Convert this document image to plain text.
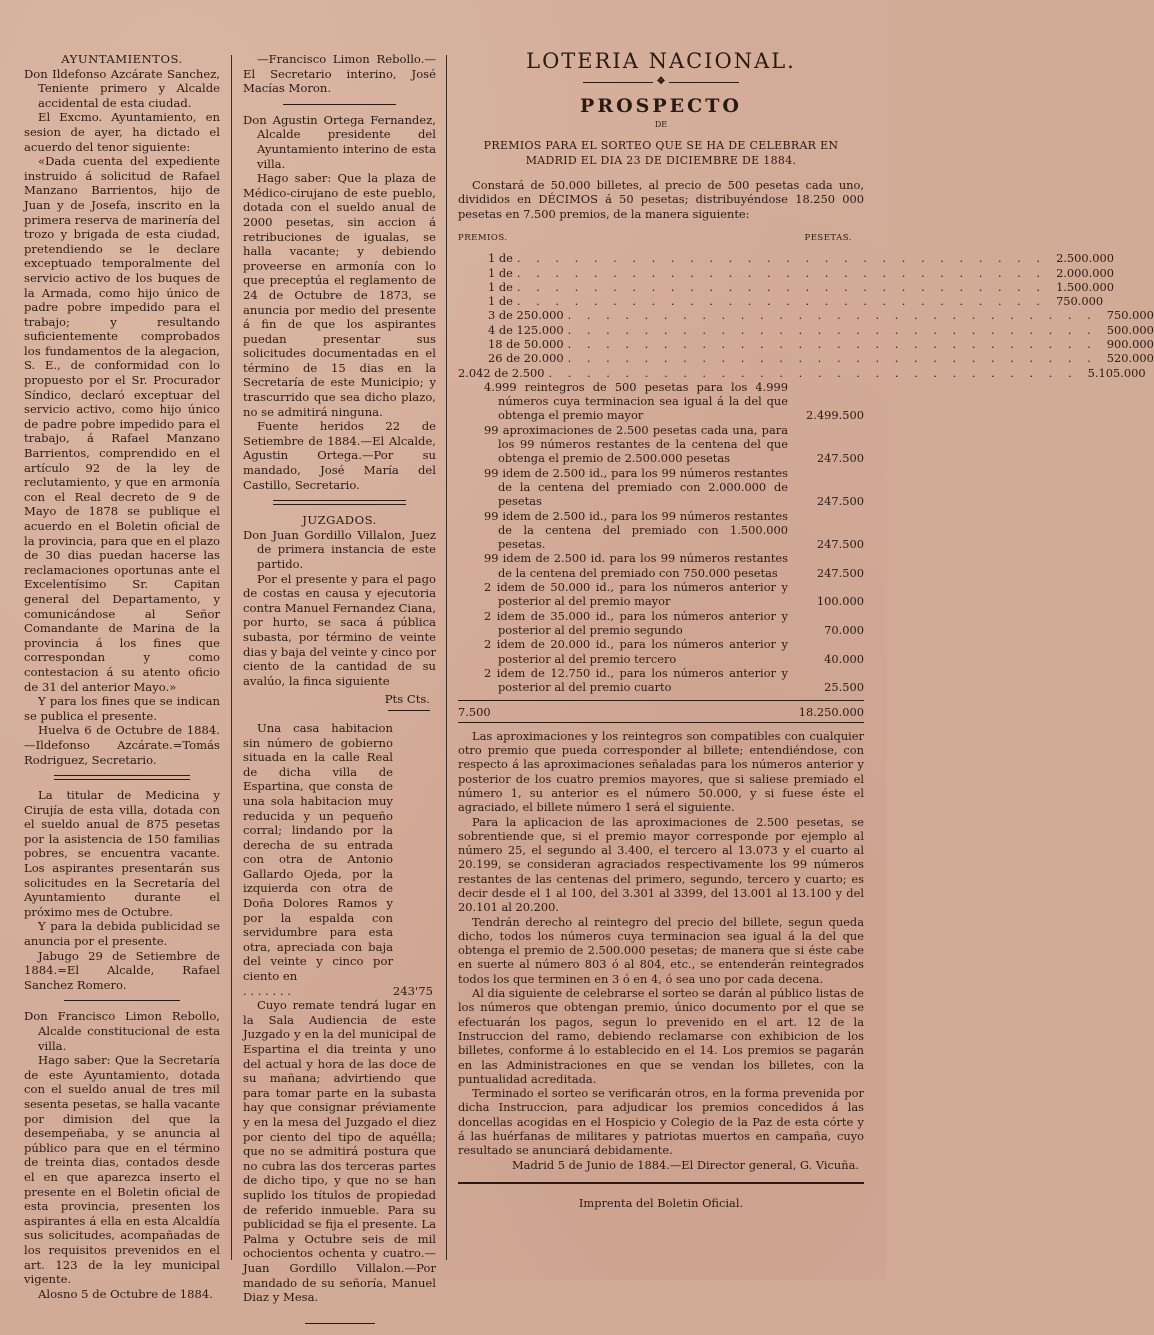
AYUNTAMIENTOS.

Don Ildefonso Azcárate Sanchez, Teniente primero y Alcalde accidental de esta ciudad.

El Excmo. Ayuntamiento, en sesion de ayer, ha dictado el acuerdo del tenor siguiente:

«Dada cuenta del expediente instruido á solicitud de Rafael Manzano Barrientos, hijo de Juan y de Josefa, inscrito en la primera reserva de marinería del trozo y brigada de esta ciudad, pretendiendo se le declare exceptuado temporalmente del servicio activo de los buques de la Armada, como hijo único de padre pobre impedido para el trabajo; y resultando suficientemente comprobados los fundamentos de la alegacion, S. E., de conformidad con lo propuesto por el Sr. Procurador Síndico, declaró exceptuar del servicio activo, como hijo único de padre pobre impedido para el trabajo, á Rafael Manzano Barrientos, comprendido en el artículo 92 de la ley de reclutamiento, y que en armonía con el Real decreto de 9 de Mayo de 1878 se publique el acuerdo en el Boletin oficial de la provincia, para que en el plazo de 30 dias puedan hacerse las reclamaciones oportunas ante el Excelentísimo Sr. Capitan general del Departamento, y comunicándose al Señor Comandante de Marina de la provincia á los fines que correspondan y como contestacion á su atento oficio de 31 del anterior Mayo.»

Y para los fines que se indican se publica el presente.

Huelva 6 de Octubre de 1884. —Ildefonso Azcárate.=Tomás Rodriguez, Secretario.

La titular de Medicina y Cirujía de esta villa, dotada con el sueldo anual de 875 pesetas por la asistencia de 150 familias pobres, se encuentra vacante. Los aspirantes presentarán sus solicitudes en la Secretaría del Ayuntamiento durante el próximo mes de Octubre.

Y para la debida publicidad se anuncia por el presente.

Jabugo 29 de Setiembre de 1884.=El Alcalde, Rafael Sanchez Romero.

Don Francisco Limon Rebollo, Alcalde constitucional de esta villa.

Hago saber: Que la Secretaría de este Ayuntamiento, dotada con el sueldo anual de tres mil sesenta pesetas, se halla vacante por dimision del que la desempeñaba, y se anuncia al público para que en el término de treinta dias, contados desde el en que aparezca inserto el presente en el Boletin oficial de esta provincia, presenten los aspirantes á ella en esta Alcaldía sus solicitudes, acompañadas de los requisitos prevenidos en el art. 123 de la ley municipal vigente.

Alosno 5 de Octubre de 1884.

—Francisco Limon Rebollo.— El Secretario interino, José Macías Moron.

Don Agustin Ortega Fernandez, Alcalde presidente del Ayuntamiento interino de esta villa.

Hago saber: Que la plaza de Médico-cirujano de este pueblo, dotada con el sueldo anual de 2000 pesetas, sin accion á retribuciones de igualas, se halla vacante; y debiendo proveerse en armonía con lo que preceptúa el reglamento de 24 de Octubre de 1873, se anuncia por medio del presente á fin de que los aspirantes puedan presentar sus solicitudes documentadas en el término de 15 dias en la Secretaría de este Municipio; y trascurrido que sea dicho plazo, no se admitirá ninguna.

Fuente heridos 22 de Setiembre de 1884.—El Alcalde, Agustin Ortega.—Por su mandado, José María del Castillo, Secretario.

JUZGADOS.

Don Juan Gordillo Villalon, Juez de primera instancia de este partido.

Por el presente y para el pago de costas en causa y ejecutoria contra Manuel Fernandez Ciana, por hurto, se saca á pública subasta, por término de veinte dias y baja del veinte y cinco por ciento de la cantidad de su avalúo, la finca siguiente

Pts Cts.

Una casa habitacion sin número de gobierno situada en la calle Real de dicha villa de Espartina, que consta de una sola habitacion muy reducida y un pequeño corral; lindando por la derecha de su entrada con otra de Antonio Gallardo Ojeda, por la izquierda con otra de Doña Dolores Ramos y por la espalda con servidumbre para esta otra, apreciada con baja del veinte y cinco por ciento en

. . . . . . .	243'75

Cuyo remate tendrá lugar en la Sala Audiencia de este Juzgado y en la del municipal de Espartina el dia treinta y uno del actual y hora de las doce de su mañana; advirtiendo que para tomar parte en la subasta hay que consignar préviamente y en la mesa del Juzgado el diez por ciento del tipo de aquélla; que no se admitirá postura que no cubra las dos terceras partes de dicho tipo, y que no se han suplido los títulos de propiedad de referido inmueble. Para su publicidad se fija el presente. La Palma y Octubre seis de mil ochocientos ochenta y cuatro.—Juan Gordillo Villalon.—Por mandado de su señoría, Manuel Diaz y Mesa.

LOTERIA NACIONAL.
❖
PROSPECTO
DE
PREMIOS PARA EL SORTEO QUE SE HA DE CELEBRAR EN MADRID EL DIA 23 DE DICIEMBRE DE 1884.

Constará de 50.000 billetes, al precio de 500 pesetas cada uno, divididos en DÉCIMOS á 50 pesetas; distribuyéndose 18.250 000 pesetas en 7.500 premios, de la manera siguiente:

PREMIOS.	PESETAS.
1 de . . . . . . . . . . . . . . . . . . . . . . . . . . . . 2.500.000
1 de . . . . . . . . . . . . . . . . . . . . . . . . . . . . 2.000.000
1 de . . . . . . . . . . . . . . . . . . . . . . . . . . . . 1.500.000
1 de . . . . . . . . . . . . . . . . . . . . . . . . . . . . 750.000
3 de 250.000 . . . . . . . . . . . . . . . . . . . . . . . . . . . . 750.000
4 de 125.000 . . . . . . . . . . . . . . . . . . . . . . . . . . . . 500.000
18 de 50.000 . . . . . . . . . . . . . . . . . . . . . . . . . . . . 900.000
26 de 20.000 . . . . . . . . . . . . . . . . . . . . . . . . . . . . 520.000
2.042 de 2.500 . . . . . . . . . . . . . . . . . . . . . . . . . . . . 5.105.000
4.999 reintegros de 500 pesetas para los 4.999 números cuya terminacion sea igual á la del que obtenga el premio mayor	2.499.500
99 aproximaciones de 2.500 pesetas cada una, para los 99 números restantes de la centena del que obtenga el premio de 2.500.000 pesetas	247.500
99 idem de 2.500 id., para los 99 números restantes de la centena del premiado con 2.000.000 de pesetas	247.500
99 idem de 2.500 id., para los 99 números restantes de la centena del premiado con 1.500.000 pesetas.	247.500
99 idem de 2.500 id. para los 99 números restantes de la centena del premiado con 750.000 pesetas	247.500
2 idem de 50.000 id., para los números anterior y posterior al del premio mayor	100.000
2 idem de 35.000 id., para los números anterior y posterior al del premio segundo	70.000
2 idem de 20.000 id., para los números anterior y posterior al del premio tercero	40.000
2 idem de 12.750 id., para los números anterior y posterior al del premio cuarto	25.500
7.500	18.250.000

Las aproximaciones y los reintegros son compatibles con cualquier otro premio que pueda corresponder al billete; entendiéndose, con respecto á las aproximaciones señaladas para los números anterior y posterior de los cuatro premios mayores, que si saliese premiado el número 1, su anterior es el número 50.000, y si fuese éste el agraciado, el billete número 1 será el siguiente.

Para la aplicacion de las aproximaciones de 2.500 pesetas, se sobrentiende que, si el premio mayor corresponde por ejemplo al número 25, el segundo al 3.400, el tercero al 13.073 y el cuarto al 20.199, se consideran agraciados respectivamente los 99 números restantes de las centenas del primero, segundo, tercero y cuarto; es decir desde el 1 al 100, del 3.301 al 3399, del 13.001 al 13.100 y del 20.101 al 20.200.

Tendrán derecho al reintegro del precio del billete, segun queda dicho, todos los números cuya terminacion sea igual á la del que obtenga el premio de 2.500.000 pesetas; de manera que si éste cabe en suerte al número 803 ó al 804, etc., se entenderán reintegrados todos los que terminen en 3 ó en 4, ó sea uno por cada decena.

Al dia siguiente de celebrarse el sorteo se darán al público listas de los números que obtengan premio, único documento por el que se efectuarán los pagos, segun lo prevenido en el art. 12 de la Instruccion del ramo, debiendo reclamarse con exhibicion de los billetes, conforme á lo establecido en el 14. Los premios se pagarán en las Administraciones en que se vendan los billetes, con la puntualidad acreditada.

Terminado el sorteo se verificarán otros, en la forma prevenida por dicha Instruccion, para adjudicar los premios concedidos á las doncellas acogidas en el Hospicio y Colegio de la Paz de esta córte y á las huérfanas de militares y patriotas muertos en campaña, cuyo resultado se anunciará debidamente.

Madrid 5 de Junio de 1884.—El Director general, G. Vicuña.

Imprenta del Boletin Oficial.
